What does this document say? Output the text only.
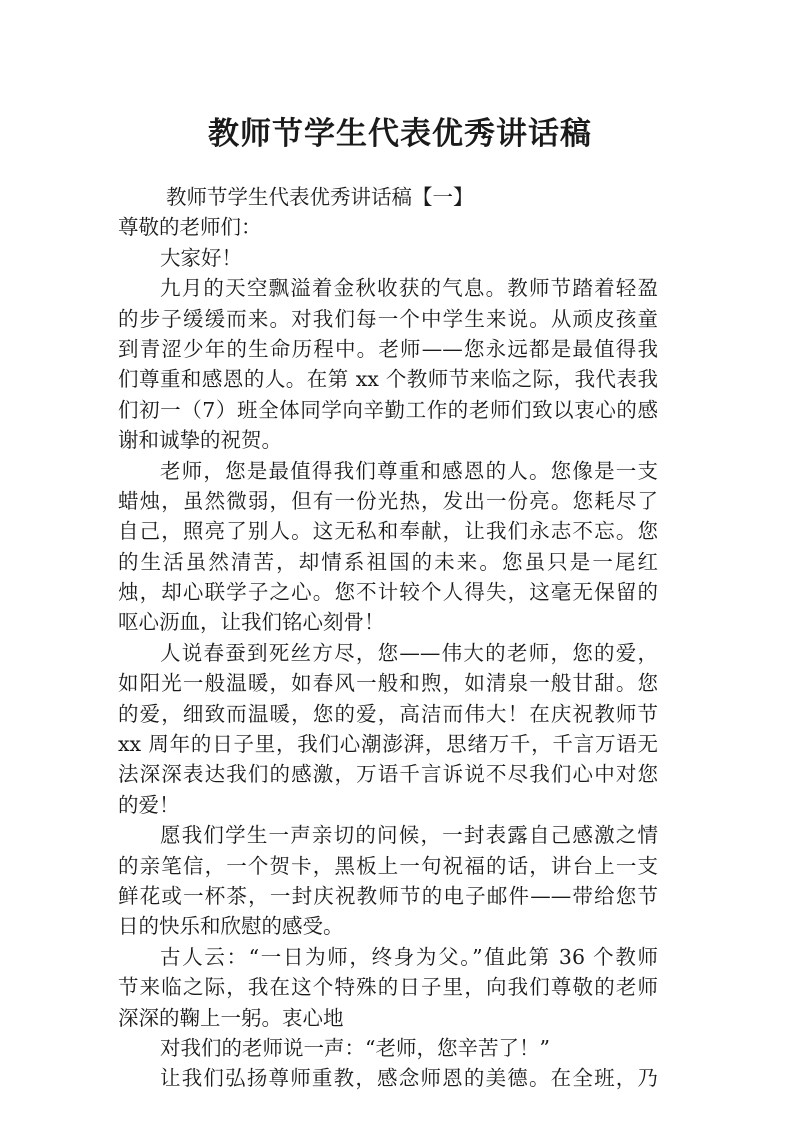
教师节学生代表优秀讲话稿
教师节学生代表优秀讲话稿【一】
尊敬的老师们：
大家好！
九月的天空飘溢着金秋收获的气息。教师节踏着轻盈
的步子缓缓而来。对我们每一个中学生来说。从顽皮孩童
到青涩少年的生命历程中。老师——您永远都是最值得我
们尊重和感恩的人。在第 xx 个教师节来临之际，我代表我
们初一（7）班全体同学向辛勤工作的老师们致以衷心的感
谢和诚挚的祝贺。
老师，您是最值得我们尊重和感恩的人。您像是一支
蜡烛，虽然微弱，但有一份光热，发出一份亮。您耗尽了
自己，照亮了别人。这无私和奉献，让我们永志不忘。您
的生活虽然清苦，却情系祖国的未来。您虽只是一尾红
烛，却心联学子之心。您不计较个人得失，这毫无保留的
呕心沥血，让我们铭心刻骨！
人说春蚕到死丝方尽，您——伟大的老师，您的爱，
如阳光一般温暖，如春风一般和煦，如清泉一般甘甜。您
的爱，细致而温暖，您的爱，高洁而伟大！在庆祝教师节
xx 周年的日子里，我们心潮澎湃，思绪万千，千言万语无
法深深表达我们的感激，万语千言诉说不尽我们心中对您
的爱！
愿我们学生一声亲切的问候，一封表露自己感激之情
的亲笔信，一个贺卡，黑板上一句祝福的话，讲台上一支
鲜花或一杯茶，一封庆祝教师节的电子邮件——带给您节
日的快乐和欣慰的感受。
古人云：“一日为师，终身为父。”值此第 36 个教师
节来临之际，我在这个特殊的日子里，向我们尊敬的老师
深深的鞠上一躬。衷心地
对我们的老师说一声：“老师，您辛苦了！”
让我们弘扬尊师重教，感念师恩的美德。在全班，乃
